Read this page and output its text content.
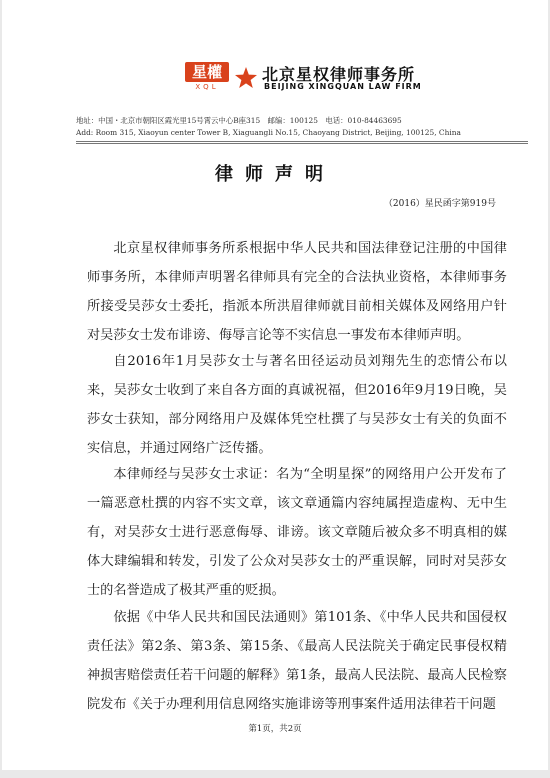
星權
XQL
北京星权律师事务所
BEIJING XINGQUAN LAW FIRM
地址：中国・北京市朝阳区霞光里15号霄云中心B座315　邮编：100125　电话：010-84463695
Add: Room 315, Xiaoyun center Tower B, Xiaguangli No.15, Chaoyang District, Beijing, 100125, China
律师声明
（2016）星民函字第919号

北京星权律师事务所系根据中华人民共和国法律登记注册的中国律师事务所，本律师声明署名律师具有完全的合法执业资格，本律师事务所接受吴莎女士委托，指派本所洪眉律师就目前相关媒体及网络用户针对吴莎女士发布诽谤、侮辱言论等不实信息一事发布本律师声明。

自2016年1月吴莎女士与著名田径运动员刘翔先生的恋情公布以来，吴莎女士收到了来自各方面的真诚祝福，但2016年9月19日晚，吴莎女士获知，部分网络用户及媒体凭空杜撰了与吴莎女士有关的负面不实信息，并通过网络广泛传播。

本律师经与吴莎女士求证：名为“全明星探”的网络用户公开发布了一篇恶意杜撰的内容不实文章，该文章通篇内容纯属捏造虚构、无中生有，对吴莎女士进行恶意侮辱、诽谤。该文章随后被众多不明真相的媒体大肆编辑和转发，引发了公众对吴莎女士的严重误解，同时对吴莎女士的名誉造成了极其严重的贬损。

依据《中华人民共和国民法通则》第101条、《中华人民共和国侵权责任法》第2条、第3条、第15条、《最高人民法院关于确定民事侵权精神损害赔偿责任若干问题的解释》第1条，最高人民法院、最高人民检察院发布《关于办理利用信息网络实施诽谤等刑事案件适用法律若干问题

第1页，共2页
